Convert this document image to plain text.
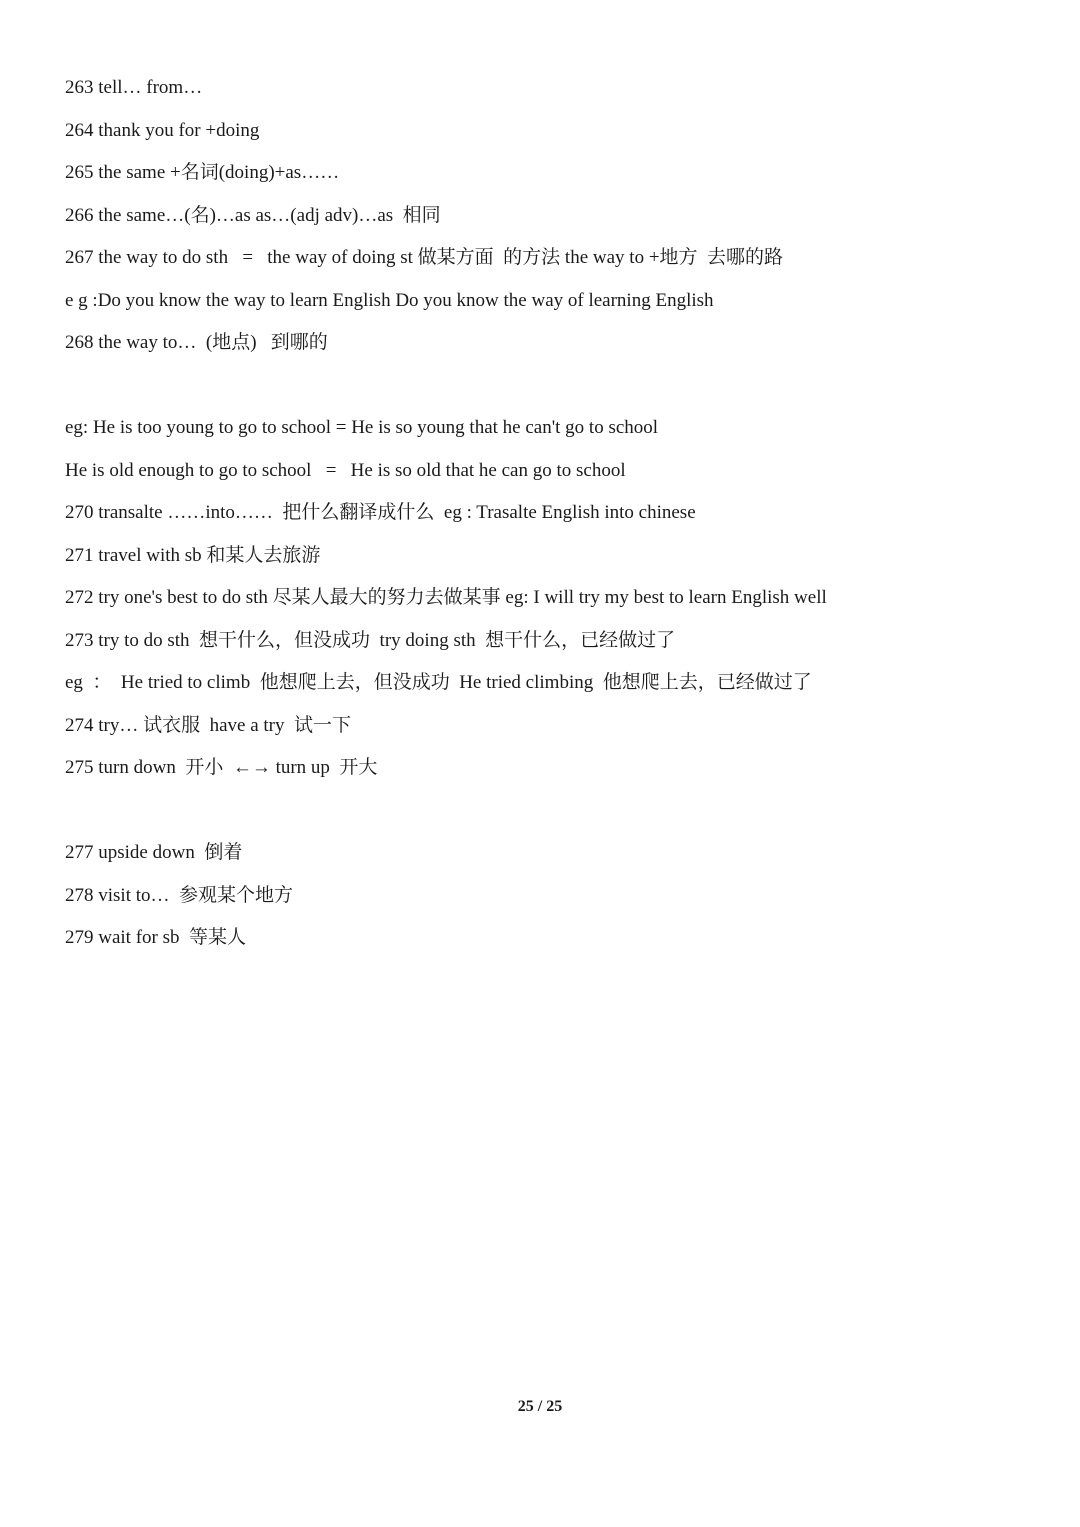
263 tell… from…
264 thank you for +doing
265 the same +名词(doing)+as……
266 the same…(名)…as as…(adj adv)…as  相同
267 the way to do sth   =   the way of doing st 做某方面  的方法 the way to +地方  去哪的路
e g :Do you know the way to learn English Do you know the way of learning English
268 the way to…  (地点)   到哪的

eg: He is too young to go to school = He is so young that he can't go to school
He is old enough to go to school   =   He is so old that he can go to school
270 transalte ……into……  把什么翻译成什么  eg : Trasalte English into chinese
271 travel with sb 和某人去旅游
272 try one's best to do sth 尽某人最大的努力去做某事 eg: I will try my best to learn English well
273 try to do sth  想干什么，但没成功  try doing sth  想干什么，已经做过了
eg  ：  He tried to climb  他想爬上去，但没成功  He tried climbing  他想爬上去，已经做过了
274 try… 试衣服  have a try  试一下
275 turn down  开小  ←→ turn up  开大

277 upside down  倒着
278 visit to…  参观某个地方
279 wait for sb  等某人
25 / 25
